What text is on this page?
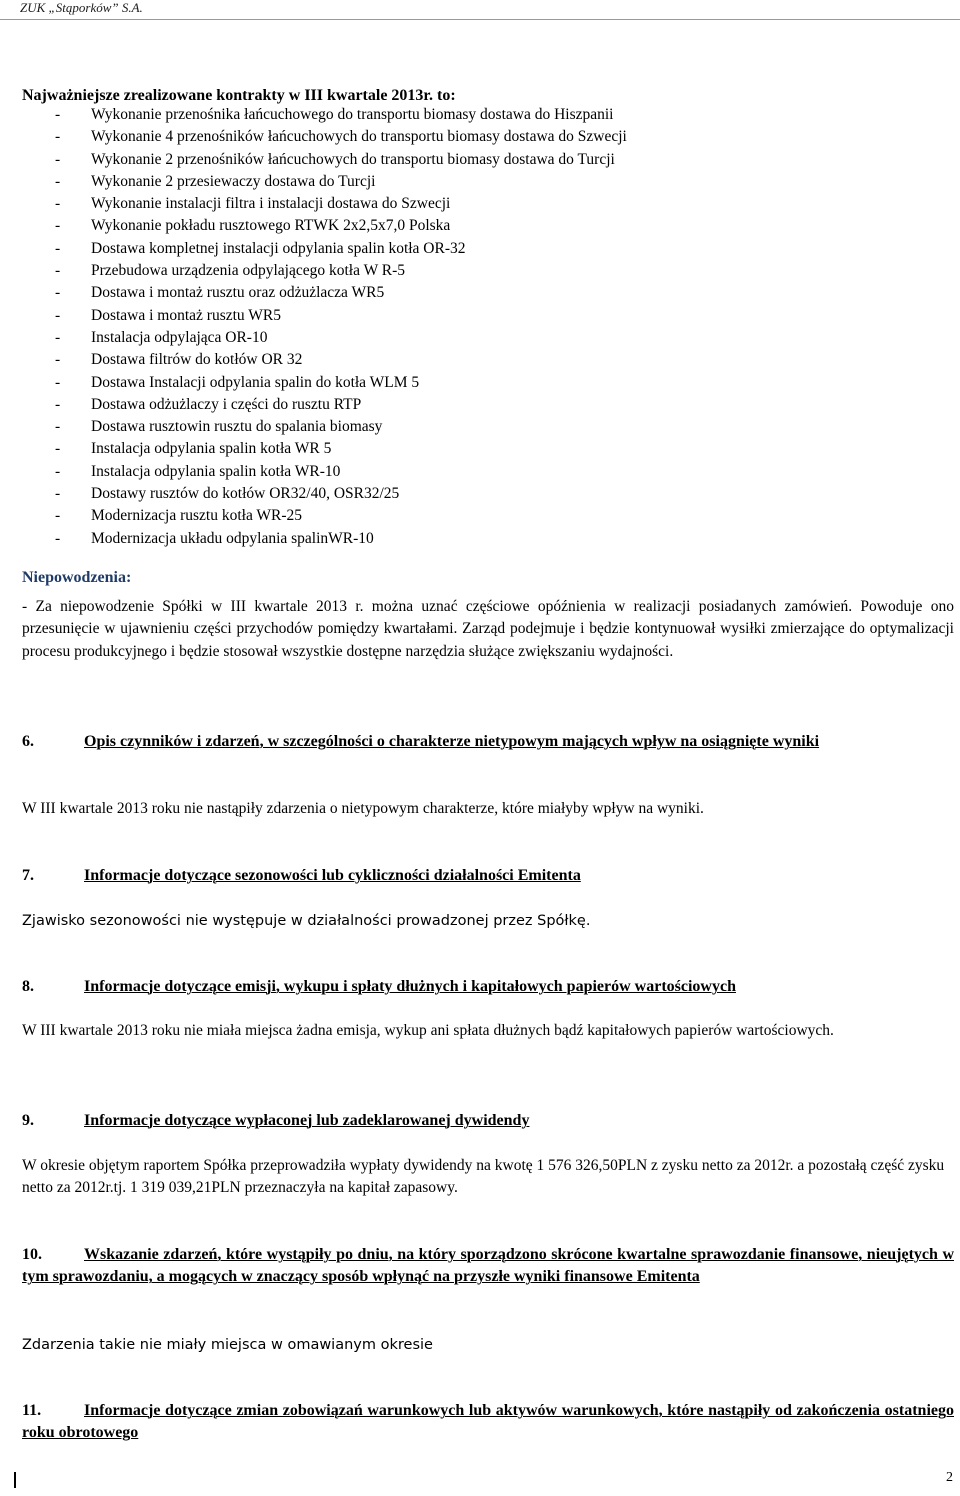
ZUK „Stąporków” S.A.
Najważniejsze zrealizowane kontrakty w III kwartale 2013r. to:
- Wykonanie przenośnika łańcuchowego do transportu biomasy dostawa do Hiszpanii
- Wykonanie 4 przenośników łańcuchowych do transportu biomasy dostawa do Szwecji
- Wykonanie 2 przenośników łańcuchowych do transportu biomasy dostawa do Turcji
- Wykonanie 2 przesiewaczy dostawa do Turcji
- Wykonanie instalacji filtra i instalacji dostawa do Szwecji
- Wykonanie pokładu rusztowego RTWK 2x2,5x7,0 Polska
- Dostawa kompletnej instalacji odpylania spalin kotła OR-32
- Przebudowa urządzenia odpylającego kotła W R-5
- Dostawa i montaż rusztu oraz odżużlacza WR5
- Dostawa i montaż rusztu WR5
- Instalacja odpylająca OR-10
- Dostawa filtrów do kotłów OR 32
- Dostawa Instalacji odpylania spalin do kotła WLM 5
- Dostawa odżużlaczy i części do rusztu RTP
- Dostawa rusztowin rusztu do spalania biomasy
- Instalacja odpylania spalin kotła WR 5
- Instalacja odpylania spalin kotła WR-10
- Dostawy rusztów do kotłów OR32/40, OSR32/25
- Modernizacja rusztu kotła WR-25
- Modernizacja układu odpylania spalinWR-10
Niepowodzenia:
- Za niepowodzenie Spółki w III kwartale 2013 r. można uznać częściowe opóźnienia w realizacji posiadanych zamówień. Powoduje ono przesunięcie w ujawnieniu części przychodów pomiędzy kwartałami. Zarząd podejmuje i będzie kontynuował wysiłki zmierzające do optymalizacji procesu produkcyjnego i będzie stosował wszystkie dostępne narzędzia służące zwiększaniu wydajności.
6.	Opis czynników i zdarzeń, w szczególności o charakterze nietypowym mających wpływ na osiągnięte wyniki
W III kwartale 2013 roku nie nastąpiły zdarzenia o nietypowym charakterze, które miałyby wpływ na wyniki.
7.	Informacje dotyczące sezonowości lub cykliczności działalności Emitenta
Zjawisko sezonowości nie występuje w działalności prowadzonej przez Spółkę.
8.	Informacje dotyczące emisji, wykupu i spłaty dłużnych i kapitałowych papierów wartościowych
W III kwartale 2013 roku nie miała miejsca żadna emisja, wykup ani spłata dłużnych bądź kapitałowych papierów wartościowych.
9.	Informacje dotyczące wypłaconej lub zadeklarowanej dywidendy
W okresie objętym raportem Spółka przeprowadziła wypłaty dywidendy na kwotę 1 576 326,50PLN z zysku netto za 2012r. a pozostałą część zysku netto za 2012r.tj. 1 319 039,21PLN przeznaczyła na kapitał zapasowy.
10.	Wskazanie zdarzeń, które wystąpiły po dniu, na który sporządzono skrócone kwartalne sprawozdanie finansowe, nieujętych w tym sprawozdaniu, a mogących w znaczący sposób wpłynąć na przyszłe wyniki finansowe Emitenta
Zdarzenia takie nie miały miejsca w omawianym okresie
11.	Informacje dotyczące zmian zobowiązań warunkowych lub aktywów warunkowych, które nastąpiły od zakończenia ostatniego roku obrotowego
2
